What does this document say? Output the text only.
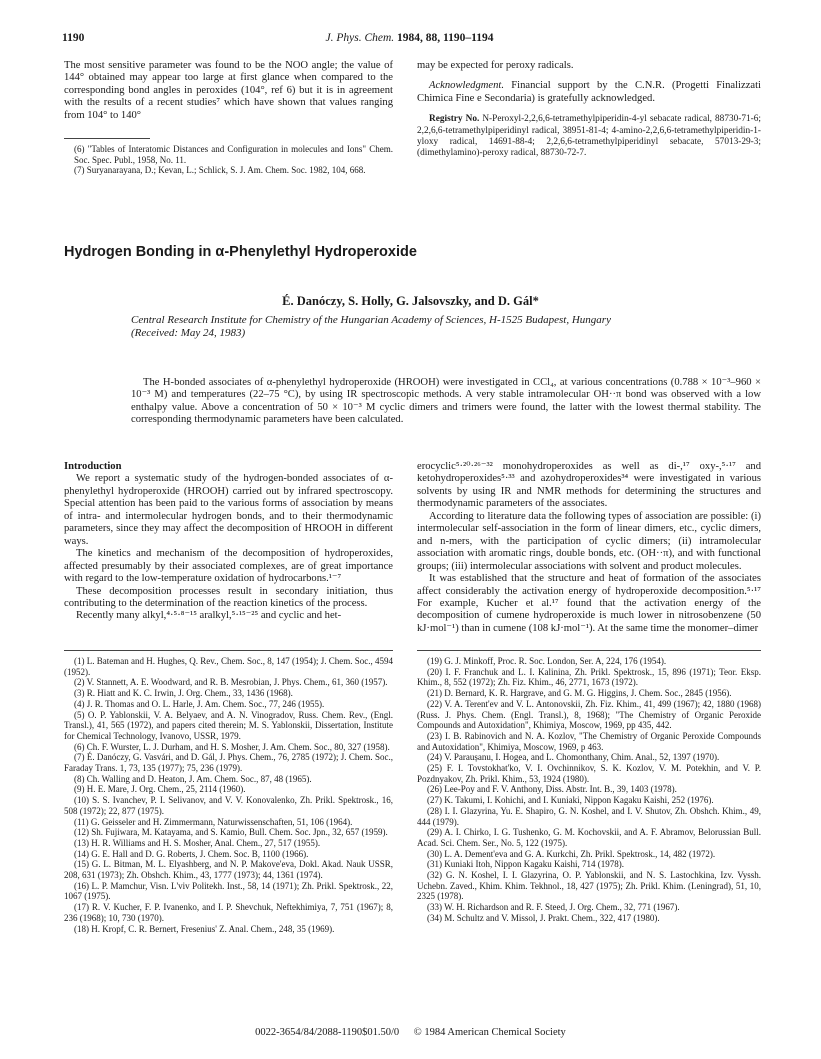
1190	J. Phys. Chem. 1984, 88, 1190–1194

The most sensitive parameter was found to be the NOO angle; the value of 144° obtained may appear too large at first glance when compared to the corresponding bond angles in peroxides (104°, ref 6) but it is in agreement with the results of a recent studies⁷ which have shown that values ranging from 104° to 140°

(6) "Tables of Interatomic Distances and Configuration in molecules and Ions" Chem. Soc. Spec. Publ., 1958, No. 11.

(7) Suryanarayana, D.; Kevan, L.; Schlick, S. J. Am. Chem. Soc. 1982, 104, 668.

may be expected for peroxy radicals.

Acknowledgment. Financial support by the C.N.R. (Progetti Finalizzati Chimica Fine e Secondaria) is gratefully acknowledged.

Registry No. N-Peroxyl-2,2,6,6-tetramethylpiperidin-4-yl sebacate radical, 88730-71-6; 2,2,6,6-tetramethylpiperidinyl radical, 38951-81-4; 4-amino-2,2,6,6-tetramethylpiperidin-1-yloxy radical, 14691-88-4; 2,2,6,6-tetramethylpiperidinyl sebacate, 57013-29-3; (dimethylamino)-peroxy radical, 88730-72-7.

Hydrogen Bonding in α-Phenylethyl Hydroperoxide
É. Danóczy, S. Holly, G. Jalsovszky, and D. Gál*
Central Research Institute for Chemistry of the Hungarian Academy of Sciences, H-1525 Budapest, Hungary
(Received: May 24, 1983)
The H-bonded associates of α-phenylethyl hydroperoxide (HROOH) were investigated in CCl₄, at various concentrations (0.788 × 10⁻³–960 × 10⁻³ M) and temperatures (22–75 °C), by using IR spectroscopic methods. A very stable intramolecular OH··π bond was observed with a low enthalpy value. Above a concentration of 50 × 10⁻³ M cyclic dimers and trimers were found, the latter with the lowest thermal stability. The corresponding thermodynamic parameters have been calculated.

Introduction

We report a systematic study of the hydrogen-bonded associates of α-phenylethyl hydroperoxide (HROOH) carried out by infrared spectroscopy. Special attention has been paid to the various forms of association by means of intra- and intermolecular hydrogen bonds, and to their thermodynamic parameters, since they may affect the decomposition of HROOH in different ways.

The kinetics and mechanism of the decomposition of hydroperoxides, affected presumably by their associated complexes, are of great importance with regard to the low-temperature oxidation of hydrocarbons.¹⁻⁷

These decomposition processes result in secondary initiation, thus contributing to the determination of the reaction kinetics of the process.

Recently many alkyl,⁴·⁵·⁸⁻¹⁵ aralkyl,⁵·¹⁵⁻²⁵ and cyclic and het-

erocyclic⁵·²⁰·²⁶⁻³² monohydroperoxides as well as di-,¹⁷ oxy-,⁵·¹⁷ and ketohydroperoxides⁵·³³ and azohydroperoxides³⁴ were investigated in various solvents by using IR and NMR methods for determining the structures and thermodynamic parameters of the associates.

According to literature data the following types of association are possible: (i) intermolecular self-association in the form of linear dimers, etc., cyclic dimers, and n-mers, with the participation of cyclic dimers; (ii) intramolecular association with aromatic rings, double bonds, etc. (OH··π), and with functional groups; (iii) intermolecular associations with solvent and product molecules.

It was established that the structure and heat of formation of the associates affect considerably the activation energy of hydroperoxide decomposition.⁵·¹⁷ For example, Kucher et al.¹⁷ found that the activation energy of the decomposition of cumene hydroperoxide is much lower in nitrosobenzene (50 kJ·mol⁻¹) than in cumene (108 kJ·mol⁻¹). At the same time the monomer–dimer

(1) L. Bateman and H. Hughes, Q. Rev., Chem. Soc., 8, 147 (1954); J. Chem. Soc., 4594 (1952).

(2) V. Stannett, A. E. Woodward, and R. B. Mesrobian, J. Phys. Chem., 61, 360 (1957).

(3) R. Hiatt and K. C. Irwin, J. Org. Chem., 33, 1436 (1968).

(4) J. R. Thomas and O. L. Harle, J. Am. Chem. Soc., 77, 246 (1955).

(5) O. P. Yablonskii, V. A. Belyaev, and A. N. Vinogradov, Russ. Chem. Rev., (Engl. Transl.), 41, 565 (1972), and papers cited therein; M. S. Yablonskii, Dissertation, Institute for Chemical Technology, Ivanovo, USSR, 1979.

(6) Ch. F. Wurster, L. J. Durham, and H. S. Mosher, J. Am. Chem. Soc., 80, 327 (1958).

(7) É. Danóczy, G. Vasvári, and D. Gál, J. Phys. Chem., 76, 2785 (1972); J. Chem. Soc., Faraday Trans. 1, 73, 135 (1977); 75, 236 (1979).

(8) Ch. Walling and D. Heaton, J. Am. Chem. Soc., 87, 48 (1965).

(9) H. E. Mare, J. Org. Chem., 25, 2114 (1960).

(10) S. S. Ivanchev, P. I. Selivanov, and V. V. Konovalenko, Zh. Prikl. Spektrosk., 16, 508 (1972); 22, 877 (1975).

(11) G. Geisseler and H. Zimmermann, Naturwissenschaften, 51, 106 (1964).

(12) Sh. Fujiwara, M. Katayama, and S. Kamio, Bull. Chem. Soc. Jpn., 32, 657 (1959).

(13) H. R. Williams and H. S. Mosher, Anal. Chem., 27, 517 (1955).

(14) G. E. Hall and D. G. Roberts, J. Chem. Soc. B, 1100 (1966).

(15) G. L. Bitman, M. L. Elyashberg, and N. P. Makove'eva, Dokl. Akad. Nauk USSR, 208, 631 (1973); Zh. Obshch. Khim., 43, 1777 (1973); 44, 1361 (1974).

(16) L. P. Mamchur, Visn. L'viv Politekh. Inst., 58, 14 (1971); Zh. Prikl. Spektrosk., 22, 1067 (1975).

(17) R. V. Kucher, F. P. Ivanenko, and I. P. Shevchuk, Neftekhimiya, 7, 751 (1967); 8, 236 (1968); 10, 730 (1970).

(18) H. Kropf, C. R. Bernert, Fresenius' Z. Anal. Chem., 248, 35 (1969).

(19) G. J. Minkoff, Proc. R. Soc. London, Ser. A, 224, 176 (1954).

(20) I. F. Franchuk and L. I. Kalinina, Zh. Prikl. Spektrosk., 15, 896 (1971); Teor. Eksp. Khim., 8, 552 (1972); Zh. Fiz. Khim., 46, 2771, 1673 (1972).

(21) D. Bernard, K. R. Hargrave, and G. M. G. Higgins, J. Chem. Soc., 2845 (1956).

(22) V. A. Terent'ev and V. L. Antonovskii, Zh. Fiz. Khim., 41, 499 (1967); 42, 1880 (1968) (Russ. J. Phys. Chem. (Engl. Transl.), 8, 1968); "The Chemistry of Organic Peroxide Compounds and Autoxidation", Khimiya, Moscow, 1969, pp 435, 442.

(23) I. B. Rabinovich and N. A. Kozlov, "The Chemistry of Organic Peroxide Compounds and Autoxidation", Khimiya, Moscow, 1969, p 463.

(24) V. Paraușanu, I. Hogea, and L. Chomonthany, Chim. Anal., 52, 1397 (1970).

(25) F. I. Tovstokhat'ko, V. I. Ovchinnikov, S. K. Kozlov, V. M. Potekhin, and V. P. Pozdnyakov, Zh. Prikl. Khim., 53, 1924 (1980).

(26) Lee-Poy and F. V. Anthony, Diss. Abstr. Int. B., 39, 1403 (1978).

(27) K. Takumi, I. Kohichi, and I. Kuniaki, Nippon Kagaku Kaishi, 252 (1976).

(28) I. I. Glazyrina, Yu. E. Shapiro, G. N. Koshel, and I. V. Shutov, Zh. Obshch. Khim., 49, 444 (1979).

(29) A. I. Chirko, I. G. Tushenko, G. M. Kochovskii, and A. F. Abramov, Belorussian Bull. Acad. Sci. Chem. Ser., No. 5, 122 (1975).

(30) L. A. Dement'eva and G. A. Kurkchi, Zh. Prikl. Spektrosk., 14, 482 (1972).

(31) Kuniaki Itoh, Nippon Kagaku Kaishi, 714 (1978).

(32) G. N. Koshel, I. I. Glazyrina, O. P. Yablonskii, and N. S. Lastochkina, Izv. Vyssh. Uchebn. Zaved., Khim. Khim. Tekhnol., 18, 427 (1975); Zh. Prikl. Khim. (Leningrad), 51, 10, 2325 (1978).

(33) W. H. Richardson and R. F. Steed, J. Org. Chem., 32, 771 (1967).

(34) M. Schultz and V. Missol, J. Prakt. Chem., 322, 417 (1980).

0022-3654/84/2088-1190$01.50/0 © 1984 American Chemical Society
